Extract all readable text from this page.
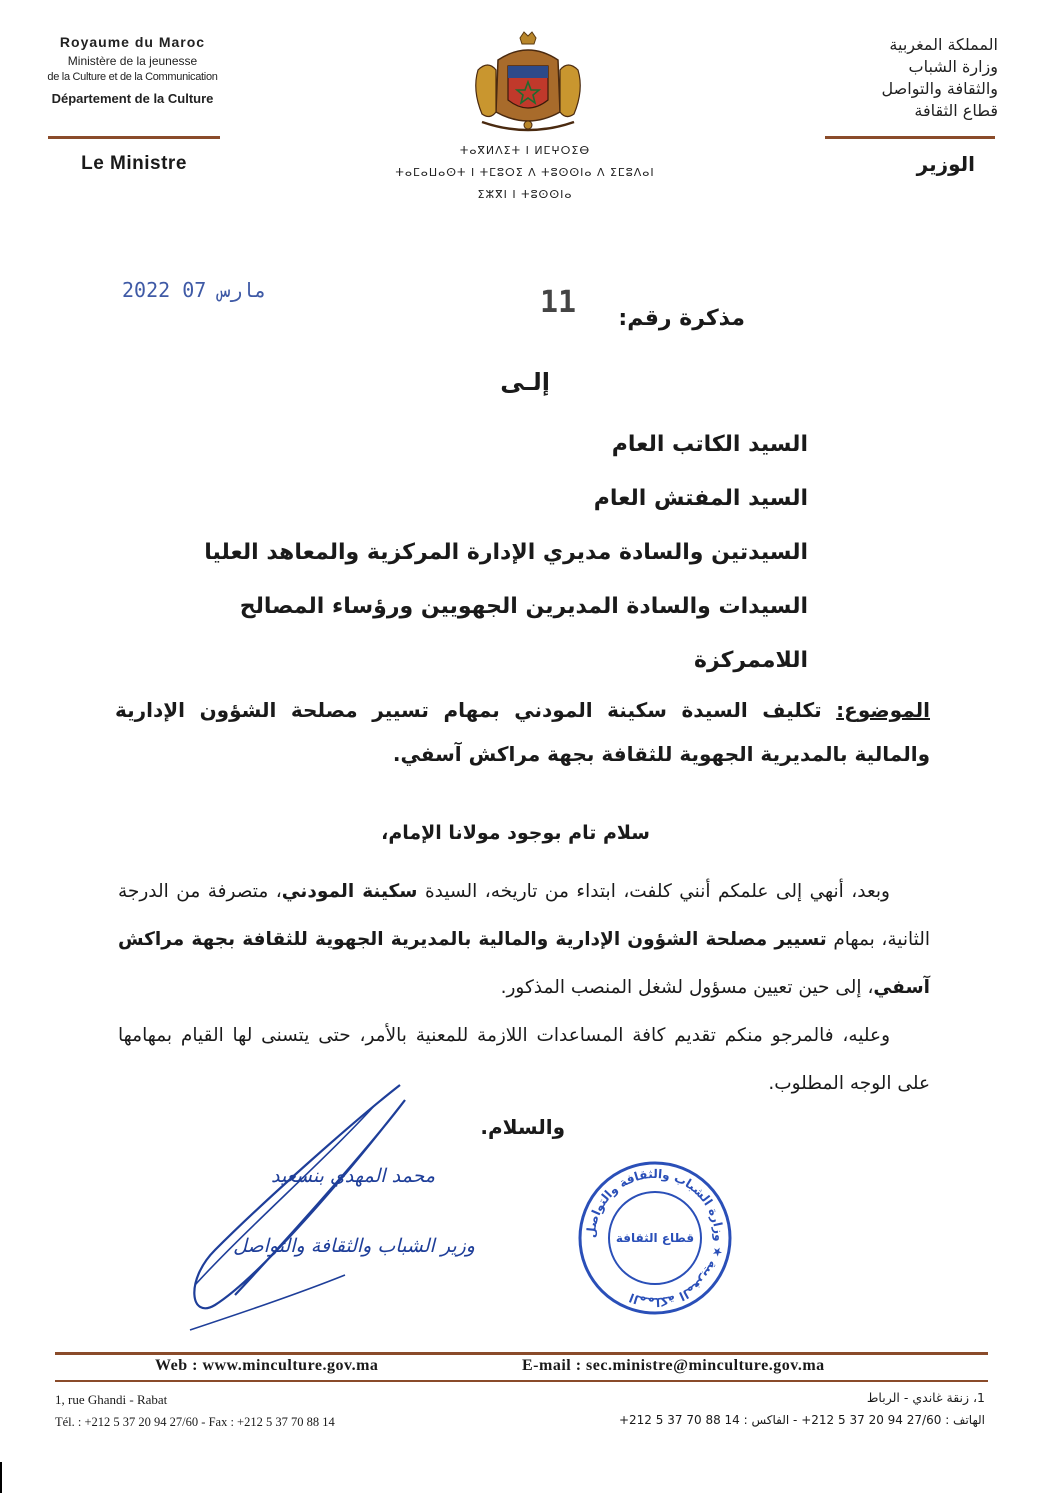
Royaume du Maroc
Ministère de la jeunesse
de la Culture et de la Communication
Département de la Culture
Le Ministre
ⵜⴰⴳⵍⴷⵉⵜ ⵏ ⵍⵎⵖⵔⵉⴱ
ⵜⴰⵎⴰⵡⴰⵙⵜ ⵏ ⵜⵎⵓⵔⵉ ⴷ ⵜⵓⵙⵙⵏⴰ ⴷ ⵉⵎⵓⴷⴰⵏ
ⵉⵣⴳⵏ ⵏ ⵜⵓⵙⵙⵏⴰ
المملكة المغربية
وزارة الشباب
والثقافة والتواصل
قطاع الثقافة
الوزير
2022 مارس 07	11	مذكرة رقم:
إلـى
السيد الكاتب العام
السيد المفتش العام
السيدتين والسادة مديري الإدارة المركزية والمعاهد العليا
السيدات والسادة المديرين الجهويين ورؤساء المصالح اللاممركزة
الموضوع: تكليف السيدة سكينة المودني بمهام تسيير مصلحة الشؤون الإدارية والمالية بالمديرية الجهوية للثقافة بجهة مراكش آسفي.
سلام تام بوجود مولانا الإمام،

وبعد، أنهي إلى علمكم أنني كلفت، ابتداء من تاريخه، السيدة سكينة المودني، متصرفة من الدرجة الثانية، بمهام تسيير مصلحة الشؤون الإدارية والمالية بالمديرية الجهوية للثقافة بجهة مراكش آسفي، إلى حين تعيين مسؤول لشغل المنصب المذكور.

وعليه، فالمرجو منكم تقديم كافة المساعدات اللازمة للمعنية بالأمر، حتى يتسنى لها القيام بمهامها على الوجه المطلوب.

والسلام.
محمد المهدي بنسعيد
وزير الشباب والثقافة والتواصل
المملكة المغربية ★ وزارة الشباب والثقافة والتواصل
قطاع الثقافة
Web : www.minculture.gov.ma	E-mail : sec.ministre@minculture.gov.ma
1, rue Ghandi - Rabat
Tél. : +212 5 37 20 94 27/60 - Fax : +212 5 37 70 88 14
1، زنقة غاندي - الرباط
الهاتف : 27/60 94 20 37 5 212+ - الفاكس : 14 88 70 37 5 212+
